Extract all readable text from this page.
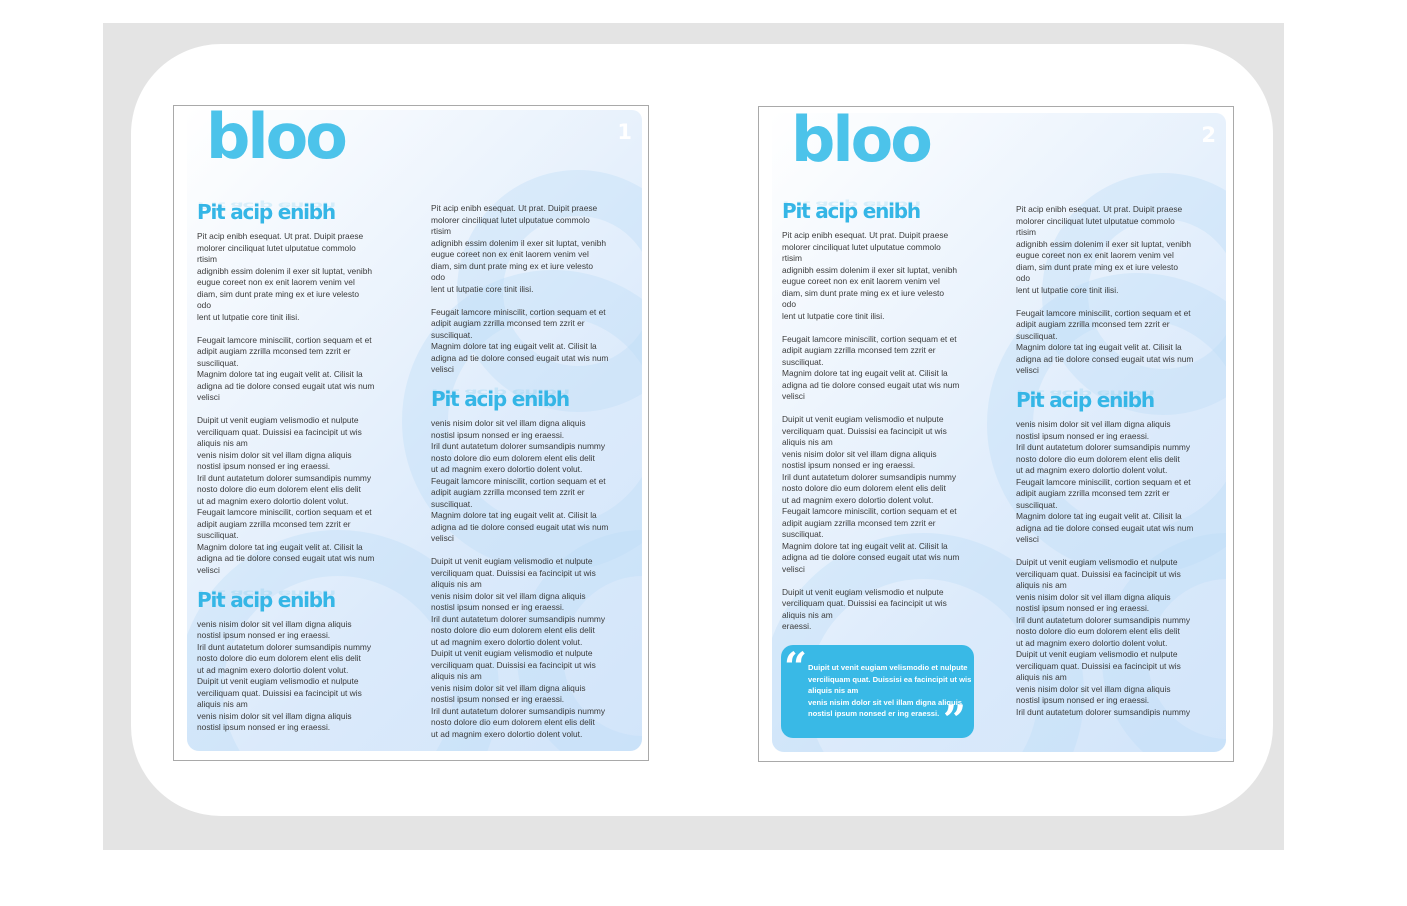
bloo	1
Pit acip enibh Pit acip enibh
Pit acip enibh esequat. Ut prat. Duipit praese
molorer cinciliquat lutet ulputatue commolo
rtisim
adignibh essim dolenim il exer sit luptat, venibh
eugue coreet non ex enit laorem venim vel
diam, sim dunt prate ming ex et iure velesto
odo
lent ut lutpatie core tinit ilisi.
Feugait lamcore miniscilit, cortion sequam et et
adipit augiam zzrilla mconsed tem zzrit er
susciliquat.
Magnim dolore tat ing eugait velit at. Cilisit la
adigna ad tie dolore consed eugait utat wis num
velisci
Duipit ut venit eugiam velismodio et nulpute
verciliquam quat. Duissisi ea facincipit ut wis
aliquis nis am
venis nisim dolor sit vel illam digna aliquis
nostisl ipsum nonsed er ing eraessi.
Iril dunt autatetum dolorer sumsandipis nummy
nosto dolore dio eum dolorem elent elis delit
ut ad magnim exero dolortio dolent volut.
Feugait lamcore miniscilit, cortion sequam et et
adipit augiam zzrilla mconsed tem zzrit er
susciliquat.
Magnim dolore tat ing eugait velit at. Cilisit la
adigna ad tie dolore consed eugait utat wis num
velisci
Pit acip enibh Pit acip enibh
venis nisim dolor sit vel illam digna aliquis
nostisl ipsum nonsed er ing eraessi.
Iril dunt autatetum dolorer sumsandipis nummy
nosto dolore dio eum dolorem elent elis delit
ut ad magnim exero dolortio dolent volut.
Duipit ut venit eugiam velismodio et nulpute
verciliquam quat. Duissisi ea facincipit ut wis
aliquis nis am
venis nisim dolor sit vel illam digna aliquis
nostisl ipsum nonsed er ing eraessi.
Pit acip enibh esequat. Ut prat. Duipit praese
molorer cinciliquat lutet ulputatue commolo
rtisim
adignibh essim dolenim il exer sit luptat, venibh
eugue coreet non ex enit laorem venim vel
diam, sim dunt prate ming ex et iure velesto
odo
lent ut lutpatie core tinit ilisi.
Feugait lamcore miniscilit, cortion sequam et et
adipit augiam zzrilla mconsed tem zzrit er
susciliquat.
Magnim dolore tat ing eugait velit at. Cilisit la
adigna ad tie dolore consed eugait utat wis num
velisci
Pit acip enibh Pit acip enibh
venis nisim dolor sit vel illam digna aliquis
nostisl ipsum nonsed er ing eraessi.
Iril dunt autatetum dolorer sumsandipis nummy
nosto dolore dio eum dolorem elent elis delit
ut ad magnim exero dolortio dolent volut.
Feugait lamcore miniscilit, cortion sequam et et
adipit augiam zzrilla mconsed tem zzrit er
susciliquat.
Magnim dolore tat ing eugait velit at. Cilisit la
adigna ad tie dolore consed eugait utat wis num
velisci
Duipit ut venit eugiam velismodio et nulpute
verciliquam quat. Duissisi ea facincipit ut wis
aliquis nis am
venis nisim dolor sit vel illam digna aliquis
nostisl ipsum nonsed er ing eraessi.
Iril dunt autatetum dolorer sumsandipis nummy
nosto dolore dio eum dolorem elent elis delit
ut ad magnim exero dolortio dolent volut.
Duipit ut venit eugiam velismodio et nulpute
verciliquam quat. Duissisi ea facincipit ut wis
aliquis nis am
venis nisim dolor sit vel illam digna aliquis
nostisl ipsum nonsed er ing eraessi.
Iril dunt autatetum dolorer sumsandipis nummy
nosto dolore dio eum dolorem elent elis delit
ut ad magnim exero dolortio dolent volut.
bloo	2
Pit acip enibh Pit acip enibh
Pit acip enibh esequat. Ut prat. Duipit praese
molorer cinciliquat lutet ulputatue commolo
rtisim
adignibh essim dolenim il exer sit luptat, venibh
eugue coreet non ex enit laorem venim vel
diam, sim dunt prate ming ex et iure velesto
odo
lent ut lutpatie core tinit ilisi.
Feugait lamcore miniscilit, cortion sequam et et
adipit augiam zzrilla mconsed tem zzrit er
susciliquat.
Magnim dolore tat ing eugait velit at. Cilisit la
adigna ad tie dolore consed eugait utat wis num
velisci
Duipit ut venit eugiam velismodio et nulpute
verciliquam quat. Duissisi ea facincipit ut wis
aliquis nis am
venis nisim dolor sit vel illam digna aliquis
nostisl ipsum nonsed er ing eraessi.
Iril dunt autatetum dolorer sumsandipis nummy
nosto dolore dio eum dolorem elent elis delit
ut ad magnim exero dolortio dolent volut.
Feugait lamcore miniscilit, cortion sequam et et
adipit augiam zzrilla mconsed tem zzrit er
susciliquat.
Magnim dolore tat ing eugait velit at. Cilisit la
adigna ad tie dolore consed eugait utat wis num
velisci
Duipit ut venit eugiam velismodio et nulpute
verciliquam quat. Duissisi ea facincipit ut wis
aliquis nis am
eraessi.
“ Duipit ut venit eugiam velismodio et nulpute
verciliquam quat. Duissisi ea facincipit ut wis
aliquis nis am
venis nisim dolor sit vel illam digna aliquis
nostisl ipsum nonsed er ing eraessi. ”
Pit acip enibh esequat. Ut prat. Duipit praese
molorer cinciliquat lutet ulputatue commolo
rtisim
adignibh essim dolenim il exer sit luptat, venibh
eugue coreet non ex enit laorem venim vel
diam, sim dunt prate ming ex et iure velesto
odo
lent ut lutpatie core tinit ilisi.
Feugait lamcore miniscilit, cortion sequam et et
adipit augiam zzrilla mconsed tem zzrit er
susciliquat.
Magnim dolore tat ing eugait velit at. Cilisit la
adigna ad tie dolore consed eugait utat wis num
velisci
Pit acip enibh Pit acip enibh
venis nisim dolor sit vel illam digna aliquis
nostisl ipsum nonsed er ing eraessi.
Iril dunt autatetum dolorer sumsandipis nummy
nosto dolore dio eum dolorem elent elis delit
ut ad magnim exero dolortio dolent volut.
Feugait lamcore miniscilit, cortion sequam et et
adipit augiam zzrilla mconsed tem zzrit er
susciliquat.
Magnim dolore tat ing eugait velit at. Cilisit la
adigna ad tie dolore consed eugait utat wis num
velisci
Duipit ut venit eugiam velismodio et nulpute
verciliquam quat. Duissisi ea facincipit ut wis
aliquis nis am
venis nisim dolor sit vel illam digna aliquis
nostisl ipsum nonsed er ing eraessi.
Iril dunt autatetum dolorer sumsandipis nummy
nosto dolore dio eum dolorem elent elis delit
ut ad magnim exero dolortio dolent volut.
Duipit ut venit eugiam velismodio et nulpute
verciliquam quat. Duissisi ea facincipit ut wis
aliquis nis am
venis nisim dolor sit vel illam digna aliquis
nostisl ipsum nonsed er ing eraessi.
Iril dunt autatetum dolorer sumsandipis nummy
